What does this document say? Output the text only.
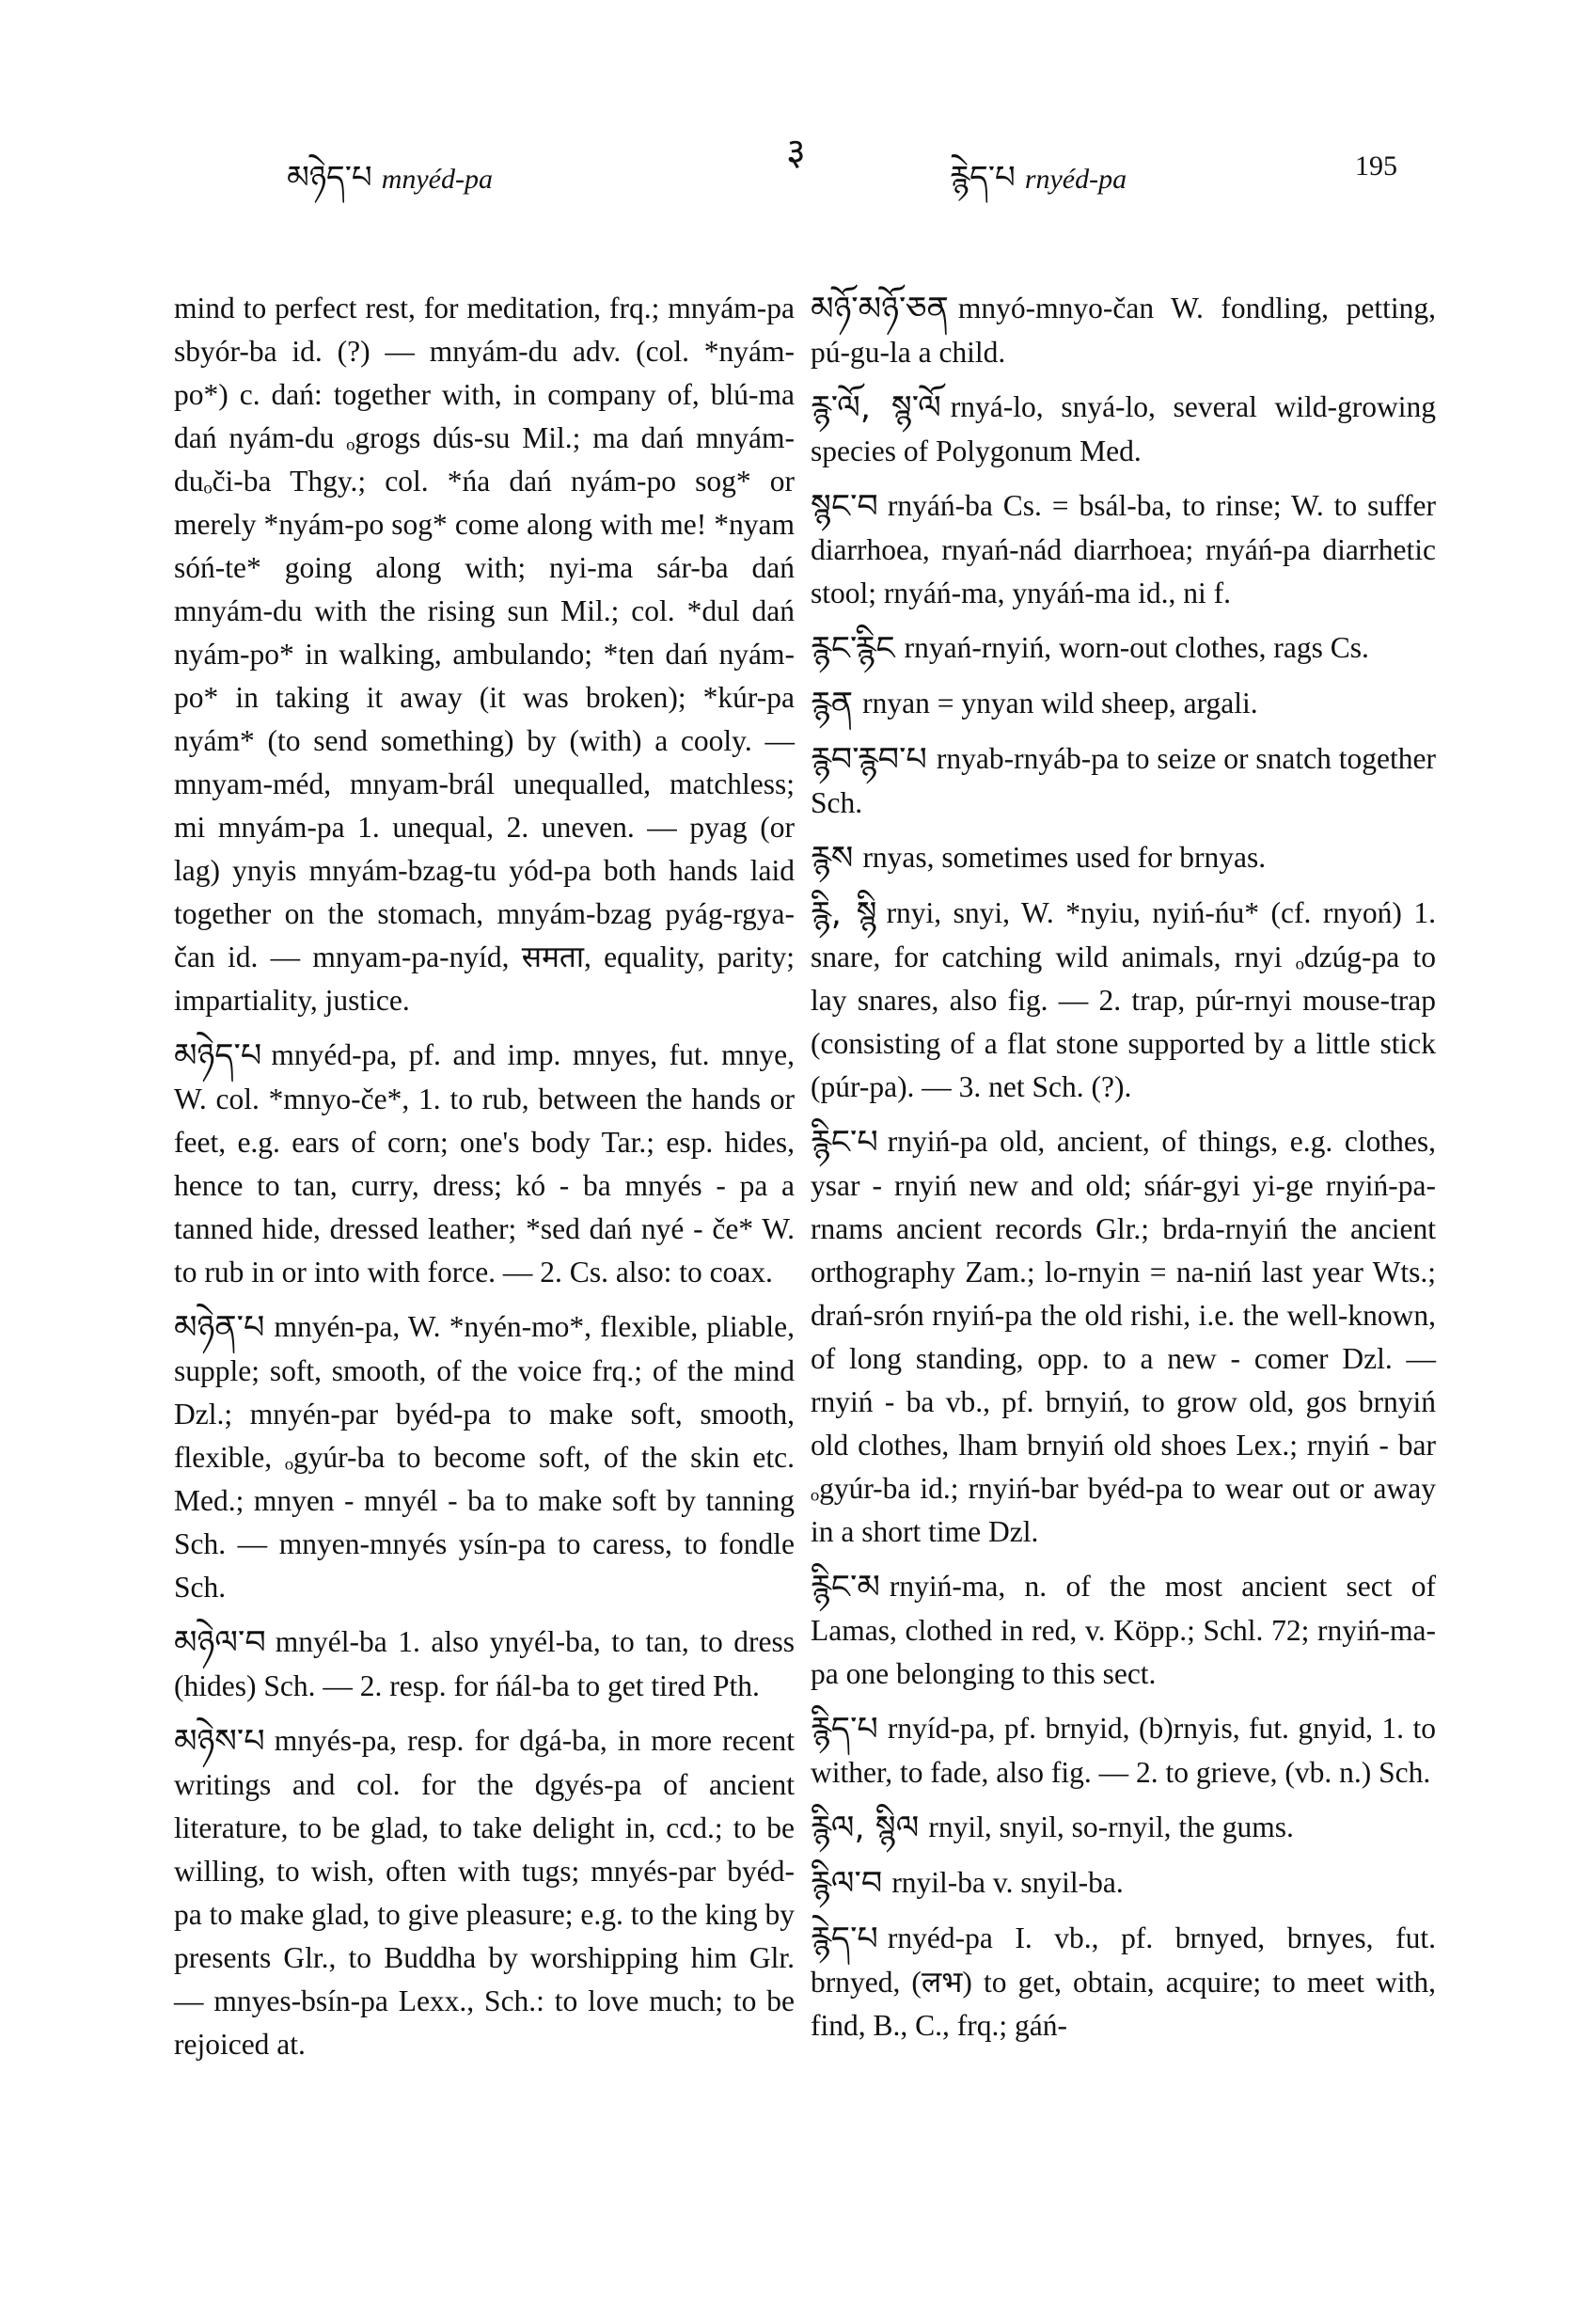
མཉེད་པ mnyéd-pa
३
རྙེད་པ rnyéd-pa	195
mind to perfect rest, for meditation, frq.; mnyám-pa sbyór-ba id. (?) — mnyám-du adv. (col. *nyám-po*) c. dań: together with, in company of, blú-ma dań nyám-du ₒgrogs dús-su Mil.; ma dań mnyám-duₒči-ba Thgy.; col. *ńa dań nyám-po sog* or merely *nyám-po sog* come along with me! *nyam sóń-te* going along with; nyi-ma sár-ba dań mnyám-du with the rising sun Mil.; col. *dul dań nyám-po* in walking, ambulando; *ten dań nyám-po* in taking it away (it was broken); *kúr-pa nyám* (to send something) by (with) a cooly. — mnyam-méd, mnyam-brál unequalled, matchless; mi mnyám-pa 1. unequal, 2. uneven. — pyag (or lag) ynyis mnyám-bzag-tu yód-pa both hands laid together on the stomach, mnyám-bzag pyág-rgya-čan id. — mnyam-pa-nyíd, समता, equality, parity; impartiality, justice.
མཉེད་པ mnyéd-pa, pf. and imp. mnyes, fut. mnye, W. col. *mnyo-če*, 1. to rub, between the hands or feet, e.g. ears of corn; one's body Tar.; esp. hides, hence to tan, curry, dress; kó - ba mnyés - pa a tanned hide, dressed leather; *sed dań nyé - če* W. to rub in or into with force. — 2. Cs. also: to coax.
མཉེན་པ mnyén-pa, W. *nyén-mo*, flexible, pliable, supple; soft, smooth, of the voice frq.; of the mind Dzl.; mnyén-par byéd-pa to make soft, smooth, flexible, ₒgyúr-ba to become soft, of the skin etc. Med.; mnyen - mnyél - ba to make soft by tanning Sch. — mnyen-mnyés ysín-pa to caress, to fondle Sch.
མཉེལ་བ mnyél-ba 1. also ynyél-ba, to tan, to dress (hides) Sch. — 2. resp. for ńál-ba to get tired Pth.
མཉེས་པ mnyés-pa, resp. for dgá-ba, in more recent writings and col. for the dgyés-pa of ancient literature, to be glad, to take delight in, ccd.; to be willing, to wish, often with tugs; mnyés-par byéd-pa to make glad, to give pleasure; e.g. to the king by presents Glr., to Buddha by worshipping him Glr. — mnyes-bsín-pa Lexx., Sch.: to love much; to be rejoiced at.
མཉོ་མཉོ་ཅན mnyó-mnyo-čan W. fondling, petting, pú-gu-la a child.
རྙ་ལོ, སྙ་ལོ rnyá-lo, snyá-lo, several wild-growing species of Polygonum Med.
སྙང་བ rnyáń-ba Cs. = bsál-ba, to rinse; W. to suffer diarrhoea, rnyań-nád diarrhoea; rnyáń-pa diarrhetic stool; rnyáń-ma, ynyáń-ma id., ni f.
རྙང་རྙིང rnyań-rnyiń, worn-out clothes, rags Cs.
རྙན rnyan = ynyan wild sheep, argali.
རྙབ་རྙབ་པ rnyab-rnyáb-pa to seize or snatch together Sch.
རྙས rnyas, sometimes used for brnyas.
རྙི, སྙི rnyi, snyi, W. *nyiu, nyiń-ńu* (cf. rnyoń) 1. snare, for catching wild animals, rnyi ₒdzúg-pa to lay snares, also fig. — 2. trap, púr-rnyi mouse-trap (consisting of a flat stone supported by a little stick (púr-pa). — 3. net Sch. (?).
རྙིང་པ rnyiń-pa old, ancient, of things, e.g. clothes, ysar - rnyiń new and old; sńár-gyi yi-ge rnyiń-pa-rnams ancient records Glr.; brda-rnyiń the ancient orthography Zam.; lo-rnyin = na-niń last year Wts.; drań-srón rnyiń-pa the old rishi, i.e. the well-known, of long standing, opp. to a new - comer Dzl. — rnyiń - ba vb., pf. brnyiń, to grow old, gos brnyiń old clothes, lham brnyiń old shoes Lex.; rnyiń - bar ₒgyúr-ba id.; rnyiń-bar byéd-pa to wear out or away in a short time Dzl.
རྙིང་མ rnyiń-ma, n. of the most ancient sect of Lamas, clothed in red, v. Köpp.; Schl. 72; rnyiń-ma-pa one belonging to this sect.
རྙིད་པ rnyíd-pa, pf. brnyid, (b)rnyis, fut. gnyid, 1. to wither, to fade, also fig. — 2. to grieve, (vb. n.) Sch.
རྙིལ, སྙིལ rnyil, snyil, so-rnyil, the gums.
རྙིལ་བ rnyil-ba v. snyil-ba.
རྙེད་པ rnyéd-pa I. vb., pf. brnyed, brnyes, fut. brnyed, (लभ) to get, obtain, acquire; to meet with, find, B., C., frq.; gáń-
